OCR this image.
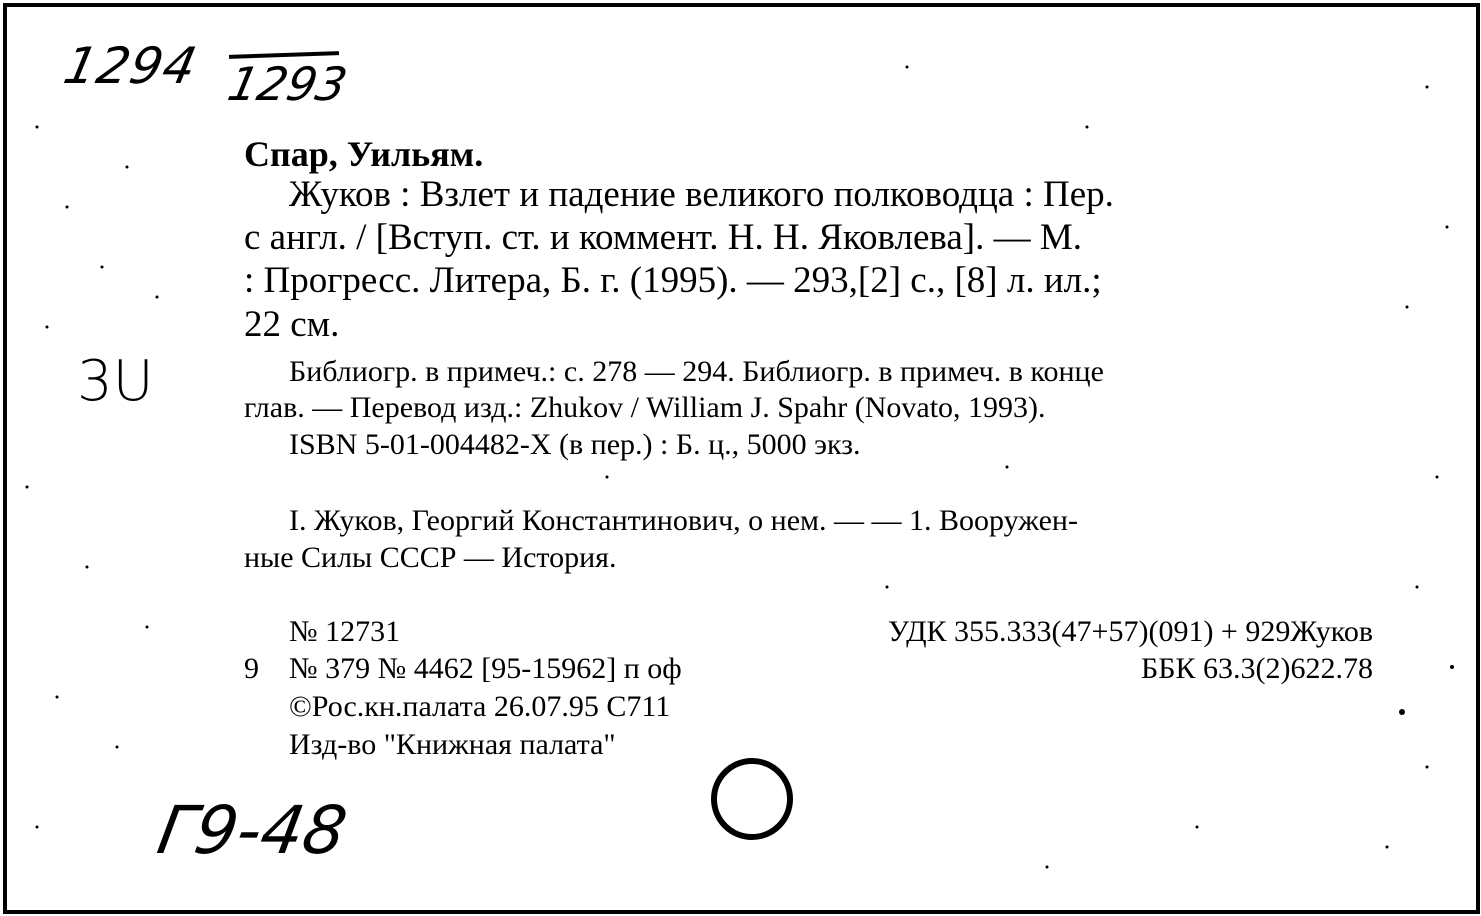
1294 1293
Спар, Уильям.
Жуков : Взлет и падение великого полководца : Пер.
с англ. / [Вступ. ст. и коммент. Н. Н. Яковлева]. — М.
: Прогресс. Литера, Б. г. (1995). — 293,[2] с., [8] л. ил.;
22 см.
3U	Библиогр. в примеч.: с. 278 — 294. Библиогр. в примеч. в конце
глав. — Перевод изд.: Zhukov / William J. Spahr (Novato, 1993).
ISBN 5-01-004482-X (в пер.) : Б. ц., 5000 экз.
I. Жуков, Георгий Константинович, о нем. — — 1. Вооружен-
ные Силы СССР — История.
№ 12731	УДК 355.333(47+57)(091) + 929Жуков
9 № 379 № 4462 [95-15962] п оф	ББК 63.3(2)622.78
©Рос.кн.палата 26.07.95 С711
Изд-во "Книжная палата"
Г9-48
